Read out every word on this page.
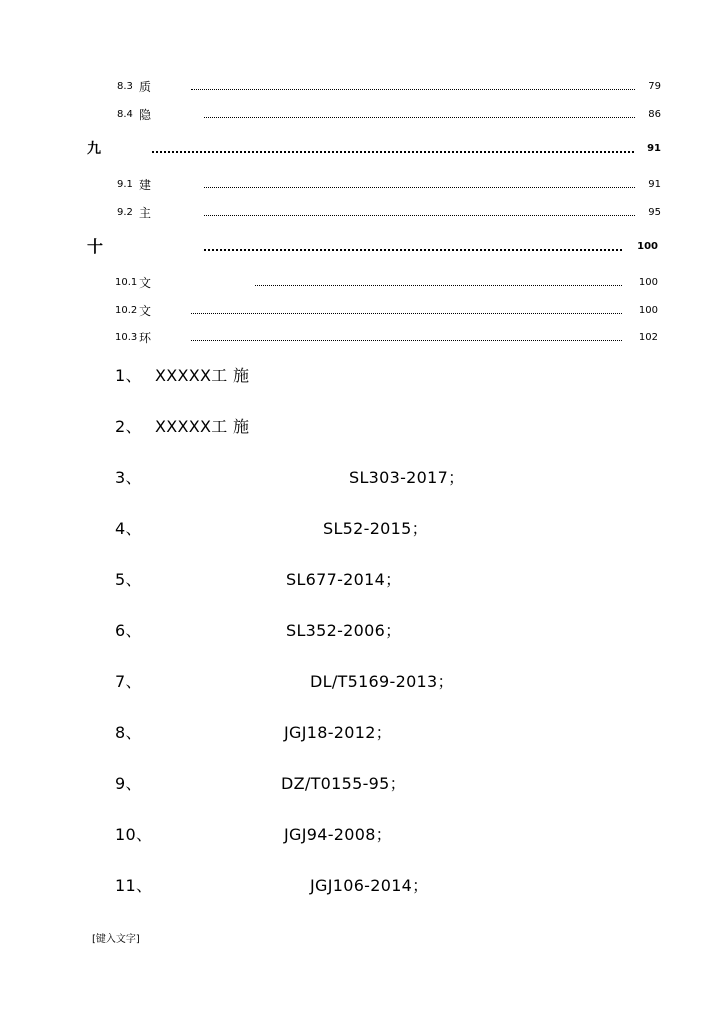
8.3 质	79
8.4 隐	86
九	91
9.1 建	91
9.2 主	95
十	100
10.1 文	100
10.2 文	100
10.3 环	102
1、 XXXXX工 施
2、 XXXXX工 施
3、	SL303-2017；
4、	SL52-2015；
5、	SL677-2014；
6、	SL352-2006；
7、	DL/T5169-2013；
8、	JGJ18-2012；
9、	DZ/T0155-95；
10、	JGJ94-2008；
11、	JGJ106-2014；
[键入文字]
